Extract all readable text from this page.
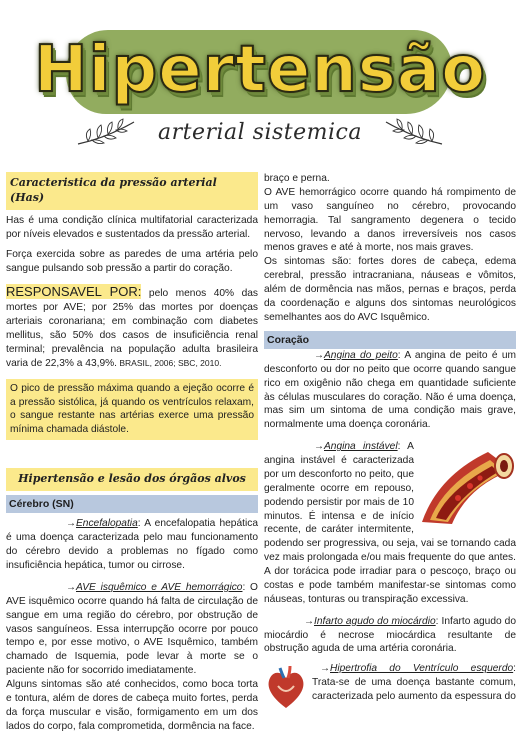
Hipertensão
arterial sistemica
Caracteristica da pressão arterial (Has)

Has é uma condição clínica multifatorial caracterizada por níveis elevados e sustentados da pressão arterial.

Força exercida sobre as paredes de uma artéria pelo sangue pulsando sob pressão a partir do coração.

RESPONSAVEL POR: pelo menos 40% das mortes por AVE; por 25% das mortes por doenças arteriais coronariana; em combinação com diabetes mellitus, são 50% dos casos de insuficiência renal terminal; prevalência na população adulta brasileira varia de 22,3% a 43,9%. BRASIL, 2006; SBC, 2010.

O pico de pressão máxima quando a ejeção ocorre é a pressão sistólica, já quando os ventrículos relaxam, o sangue restante nas artérias exerce uma pressão mínima chamada diástole.

Hipertensão e lesão dos órgãos alvos
Cérebro (SN)

→Encefalopatia: A encefalopatia hepática é uma doença caracterizada pelo mau funcionamento do cérebro devido a problemas no fígado como insuficiência hepática, tumor ou cirrose.

→AVE isquêmico e AVE hemorrágico: O AVE isquêmico ocorre quando há falta de circulação de sangue em uma região do cérebro, por obstrução de vasos sanguíneos. Essa interrupção ocorre por pouco tempo e, por esse motivo, o AVE Isquêmico, também chamado de Isquemia, pode levar à morte se o paciente não for socorrido imediatamente.

Alguns sintomas são até conhecidos, como boca torta e tontura, além de dores de cabeça muito fortes, perda da força muscular e visão, formigamento em um dos lados do corpo, fala comprometida, dormência na face.

braço e perna.

O AVE hemorrágico ocorre quando há rompimento de um vaso sanguíneo no cérebro, provocando hemorragia. Tal sangramento degenera o tecido nervoso, levando a danos irreversíveis nos casos menos graves e até à morte, nos mais graves.

Os sintomas são: fortes dores de cabeça, edema cerebral, pressão intracraniana, náuseas e vômitos, além de dormência nas mãos, pernas e braços, perda da coordenação e alguns dos sintomas neurológicos semelhantes aos do AVC Isquêmico.

Coração

→Angina do peito: A angina de peito é um desconforto ou dor no peito que ocorre quando sangue rico em oxigênio não chega em quantidade suficiente às células musculares do coração. Não é uma doença, mas sim um sintoma de uma condição mais grave, normalmente uma doença coronária.

→Angina instável: A angina instável é caracterizada por um desconforto no peito, que geralmente ocorre em repouso, podendo persistir por mais de 10 minutos. É intensa e de início recente, de caráter intermitente, podendo ser progressiva, ou seja, vai se tornando cada vez mais prolongada e/ou mais frequente do que antes. A dor torácica pode irradiar para o pescoço, braço ou costas e pode também manifestar-se sintomas como náuseas, tonturas ou transpiração excessiva.

→Infarto agudo do miocárdio: Infarto agudo do miocárdio é necrose miocárdica resultante de obstrução aguda de uma artéria coronária.

→Hipertrofia do Ventrículo esquerdo: Trata-se de uma doença bastante comum, caracterizada pelo aumento da espessura do
